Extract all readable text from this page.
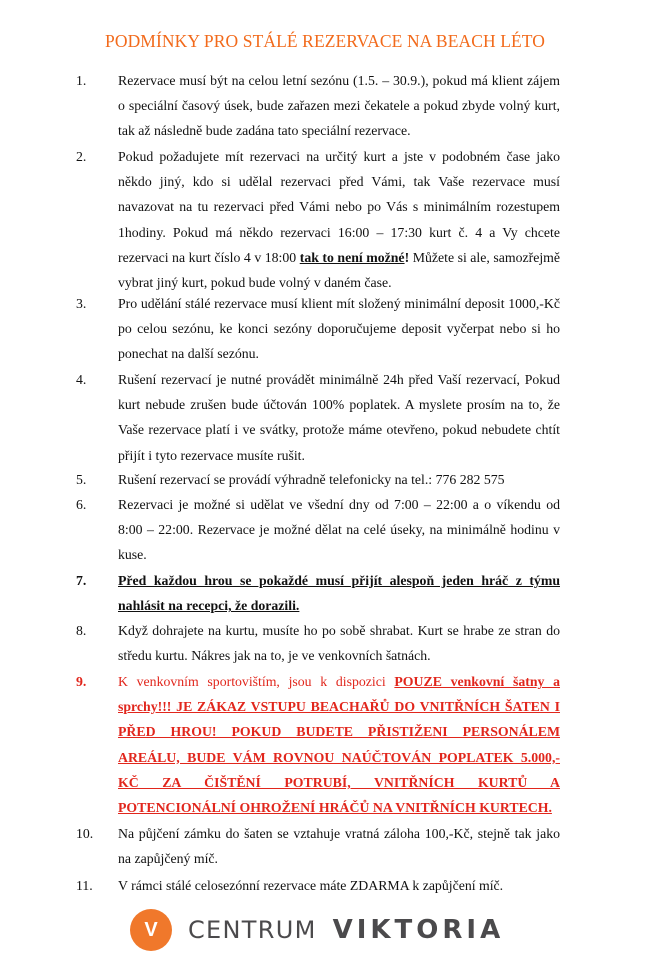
PODMÍNKY PRO STÁLÉ REZERVACE NA BEACH LÉTO
1.	Rezervace musí být na celou letní sezónu (1.5. – 30.9.), pokud má klient zájem o speciální časový úsek, bude zařazen mezi čekatele a pokud zbyde volný kurt, tak až následně bude zadána tato speciální rezervace.
2.	Pokud požadujete mít rezervaci na určitý kurt a jste v podobném čase jako někdo jiný, kdo si udělal rezervaci před Vámi, tak Vaše rezervace musí navazovat na tu rezervaci před Vámi nebo po Vás s minimálním rozestupem 1hodiny. Pokud má někdo rezervaci 16:00 – 17:30 kurt č. 4 a Vy chcete rezervaci na kurt číslo 4 v 18:00 tak to není možné! Můžete si ale, samozřejmě vybrat jiný kurt, pokud bude volný v daném čase.
3.	Pro udělání stálé rezervace musí klient mít složený minimální deposit 1000,-Kč po celou sezónu, ke konci sezóny doporučujeme deposit vyčerpat nebo si ho ponechat na další sezónu.
4.	Rušení rezervací je nutné provádět minimálně 24h před Vaší rezervací, Pokud kurt nebude zrušen bude účtován 100% poplatek. A myslete prosím na to, že Vaše rezervace platí i ve svátky, protože máme otevřeno, pokud nebudete chtít přijít i tyto rezervace musíte rušit.
5.	Rušení rezervací se provádí výhradně telefonicky na tel.: 776 282 575
6.	Rezervaci je možné si udělat ve všední dny od 7:00 – 22:00 a o víkendu od 8:00 – 22:00. Rezervace je možné dělat na celé úseky, na minimálně hodinu v kuse.
7.	Před každou hrou se pokaždé musí přijít alespoň jeden hráč z týmu nahlásit na recepci, že dorazili.
8.	Když dohrajete na kurtu, musíte ho po sobě shrabat. Kurt se hrabe ze stran do středu kurtu. Nákres jak na to, je ve venkovních šatnách.
9.	K venkovním sportovištím, jsou k dispozici POUZE venkovní šatny a sprchy!!! JE ZÁKAZ VSTUPU BEACHAŘŮ DO VNITŘNÍCH ŠATEN I PŘED HROU! POKUD BUDETE PŘISTIŽENI PERSONÁLEM AREÁLU, BUDE VÁM ROVNOU NAÚČTOVÁN POPLATEK 5.000,- KČ ZA ČIŠTĚNÍ POTRUBÍ, VNITŘNÍCH KURTŮ A POTENCIONÁLNÍ OHROŽENÍ HRÁČŮ NA VNITŘNÍCH KURTECH.
10.	Na půjčení zámku do šaten se vztahuje vratná záloha 100,-Kč, stejně tak jako na zapůjčený míč.
11.	V rámci stálé celosezónní rezervace máte ZDARMA k zapůjčení míč.
V	CENTRUM VIKTORIA
